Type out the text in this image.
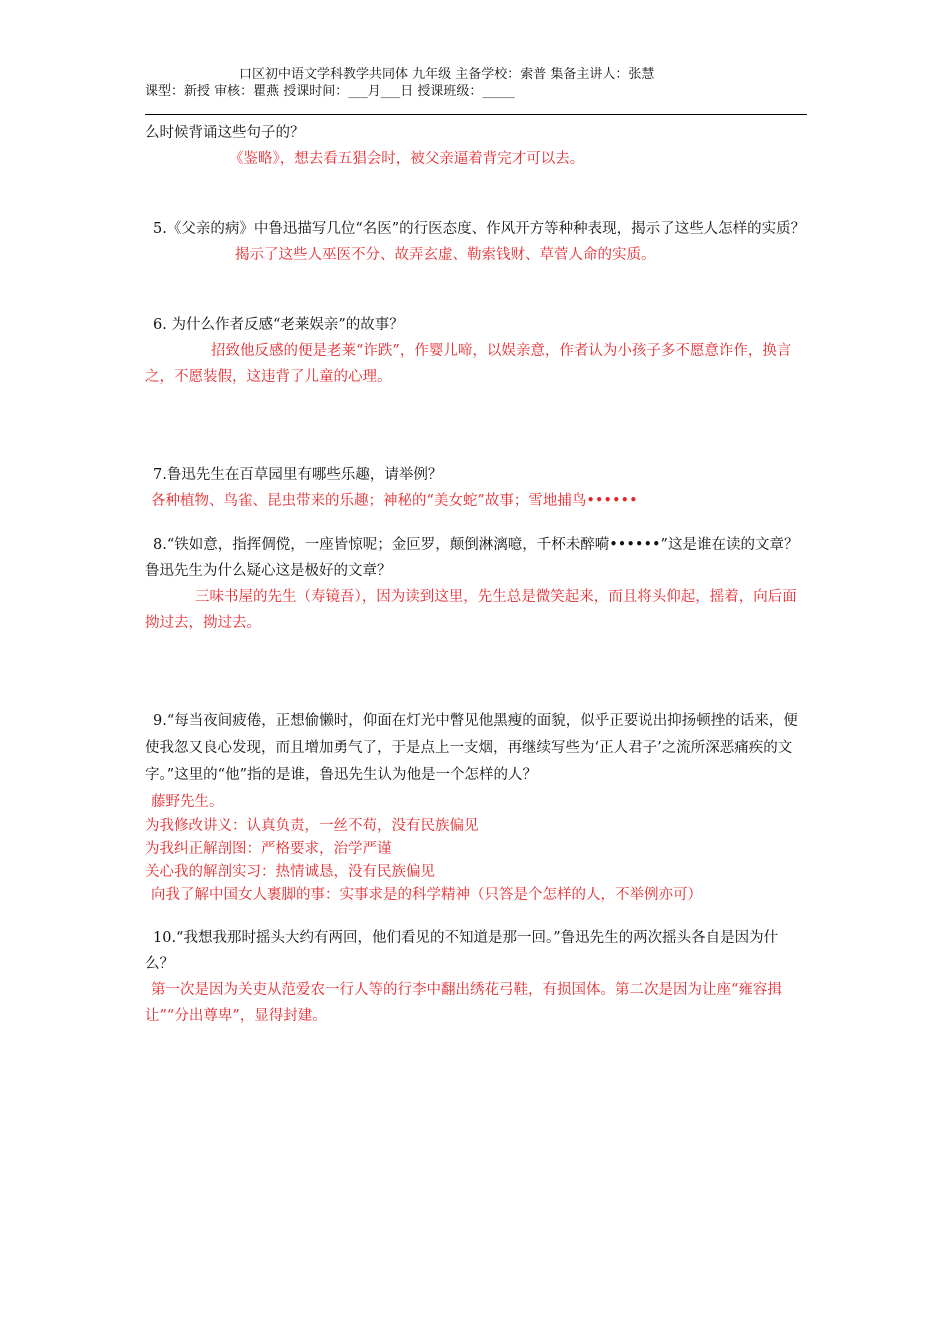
口区初中语文学科教学共同体 九年级 主备学校：索普 集备主讲人：张慧
课型：新授 审核：瞿燕 授课时间：___月___日 授课班级：_____

么时候背诵这些句子的？

《鉴略》，想去看五猖会时，被父亲逼着背完才可以去。

5.《父亲的病》中鲁迅描写几位“名医”的行医态度、作风开方等种种表现，揭示了这些人怎样的实质？

揭示了这些人巫医不分、故弄玄虚、勒索钱财、草菅人命的实质。

6. 为什么作者反感“老莱娱亲”的故事？

招致他反感的便是老莱“诈跌”，作婴儿啼，以娱亲意，作者认为小孩子多不愿意诈作，换言之，不愿装假，这违背了儿童的心理。

7.鲁迅先生在百草园里有哪些乐趣，请举例？

各种植物、鸟雀、昆虫带来的乐趣；神秘的“美女蛇”故事；雪地捕鸟••••••

8.“铁如意，指挥倜傥，一座皆惊呢；金叵罗，颠倒淋漓噫，千杯未醉嗬••••••”这是谁在读的文章？鲁迅先生为什么疑心这是极好的文章？

三味书屋的先生（寿镜吾），因为读到这里，先生总是微笑起来，而且将头仰起，摇着，向后面拗过去，拗过去。

9.“每当夜间疲倦，正想偷懒时，仰面在灯光中瞥见他黑瘦的面貌，似乎正要说出抑扬顿挫的话来，便使我忽又良心发现，而且增加勇气了，于是点上一支烟，再继续写些为‘正人君子’之流所深恶痛疾的文字。”这里的“他”指的是谁，鲁迅先生认为他是一个怎样的人？

藤野先生。

为我修改讲义：认真负责，一丝不苟，没有民族偏见

为我纠正解剖图：严格要求，治学严谨

关心我的解剖实习：热情诚恳，没有民族偏见

向我了解中国女人裹脚的事：实事求是的科学精神（只答是个怎样的人，不举例亦可）

10.“我想我那时摇头大约有两回，他们看见的不知道是那一回。”鲁迅先生的两次摇头各自是因为什么？

第一次是因为关吏从范爱农一行人等的行李中翻出绣花弓鞋，有损国体。第二次是因为让座“雍容揖让”“分出尊卑”，显得封建。
